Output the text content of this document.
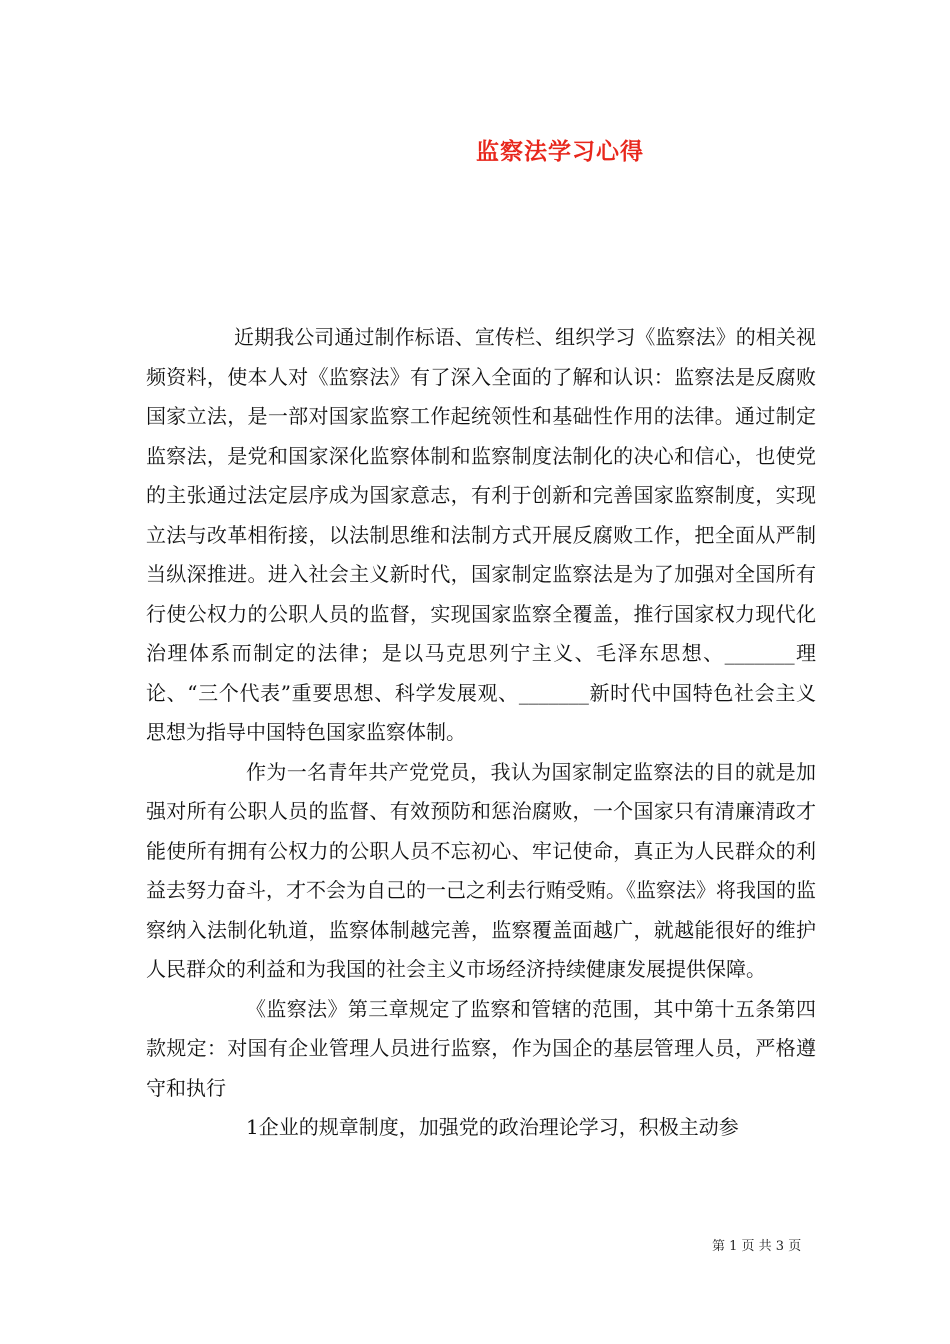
监察法学习心得

近期我公司通过制作标语、宣传栏、组织学习《监察法》的相关视频资料，使本人对《监察法》有了深入全面的了解和认识：监察法是反腐败国家立法，是一部对国家监察工作起统领性和基础性作用的法律。通过制定监察法，是党和国家深化监察体制和监察制度法制化的决心和信心，也使党的主张通过法定层序成为国家意志，有利于创新和完善国家监察制度，实现立法与改革相衔接，以法制思维和法制方式开展反腐败工作，把全面从严制当纵深推进。进入社会主义新时代，国家制定监察法是为了加强对全国所有行使公权力的公职人员的监督，实现国家监察全覆盖，推行国家权力现代化治理体系而制定的法律；是以马克思列宁主义、毛泽东思想、_______理论、“三个代表”重要思想、科学发展观、_______新时代中国特色社会主义思想为指导中国特色国家监察体制。

作为一名青年共产党党员，我认为国家制定监察法的目的就是加强对所有公职人员的监督、有效预防和惩治腐败，一个国家只有清廉清政才能使所有拥有公权力的公职人员不忘初心、牢记使命，真正为人民群众的利益去努力奋斗，才不会为自己的一己之利去行贿受贿。《监察法》将我国的监察纳入法制化轨道，监察体制越完善，监察覆盖面越广，就越能很好的维护人民群众的利益和为我国的社会主义市场经济持续健康发展提供保障。

《监察法》第三章规定了监察和管辖的范围，其中第十五条第四款规定：对国有企业管理人员进行监察，作为国企的基层管理人员，严格遵守和执行

1企业的规章制度，加强党的政治理论学习，积极主动参

第 1 页 共 3 页
